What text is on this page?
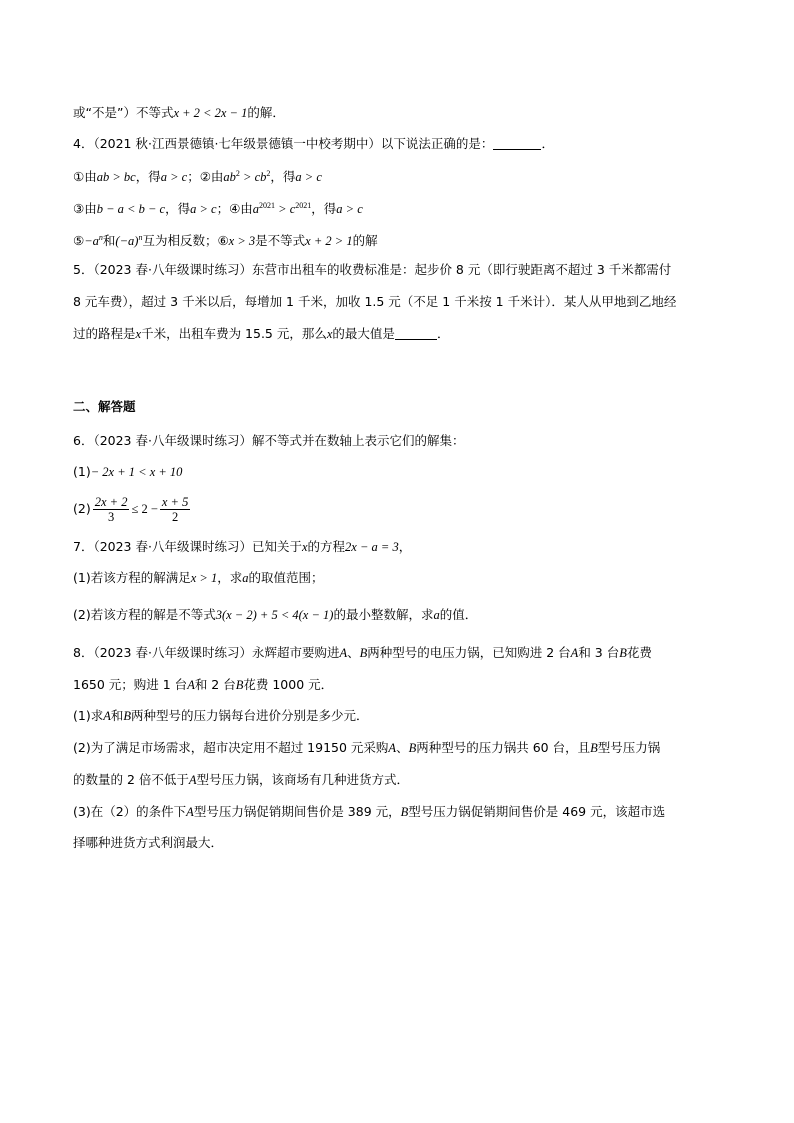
或“不是”）不等式x + 2 < 2x − 1的解．
4．（2021 秋·江西景德镇·七年级景德镇一中校考期中）以下说法正确的是：	．
①由ab > bc，得a > c；②由$ab^2 > cb^2$，得a > c
③由b − a < b − c，得a > c；④由$a^{2021} > c^{2021}$，得a > c
$⑤-a^n$和$(-a)^n$互为相反数；⑥x > 3是不等式x + 2 > 1的解
5．（2023 春·八年级课时练习）东营市出租车的收费标准是：起步价 8 元（即行驶距离不超过 3 千米都需付
8 元车费），超过 3 千米以后，每增加 1 千米，加收 1.5 元（不足 1 千米按 1 千米计）．某人从甲地到乙地经
过的路程是x千米，出租车费为 15.5 元，那么x的最大值是	．
二、解答题
6．（2023 春·八年级课时练习）解不等式并在数轴上表示它们的解集：
(1)− 2x + 1 < x + 10
$(2) \frac{2x + 2}{3} \le 2 - \frac{x + 5}{2}$
7．（2023 春·八年级课时练习）已知关于x的方程2x − a = 3，
(1)若该方程的解满足x > 1，求a的取值范围；
(2)若该方程的解是不等式3(x − 2) + 5 < 4(x − 1)的最小整数解，求a的值．
8．（2023 春·八年级课时练习）永辉超市要购进A、B两种型号的电压力锅，已知购进 2 台A和 3 台B花费
1650 元；购进 1 台A和 2 台B花费 1000 元．
(1)求A和B两种型号的压力锅每台进价分别是多少元．
(2)为了满足市场需求，超市决定用不超过 19150 元采购A、B两种型号的压力锅共 60 台，且B型号压力锅
的数量的 2 倍不低于A型号压力锅，该商场有几种进货方式．
(3)在（2）的条件下A型号压力锅促销期间售价是 389 元，B型号压力锅促销期间售价是 469 元，该超市选
择哪种进货方式利润最大．
